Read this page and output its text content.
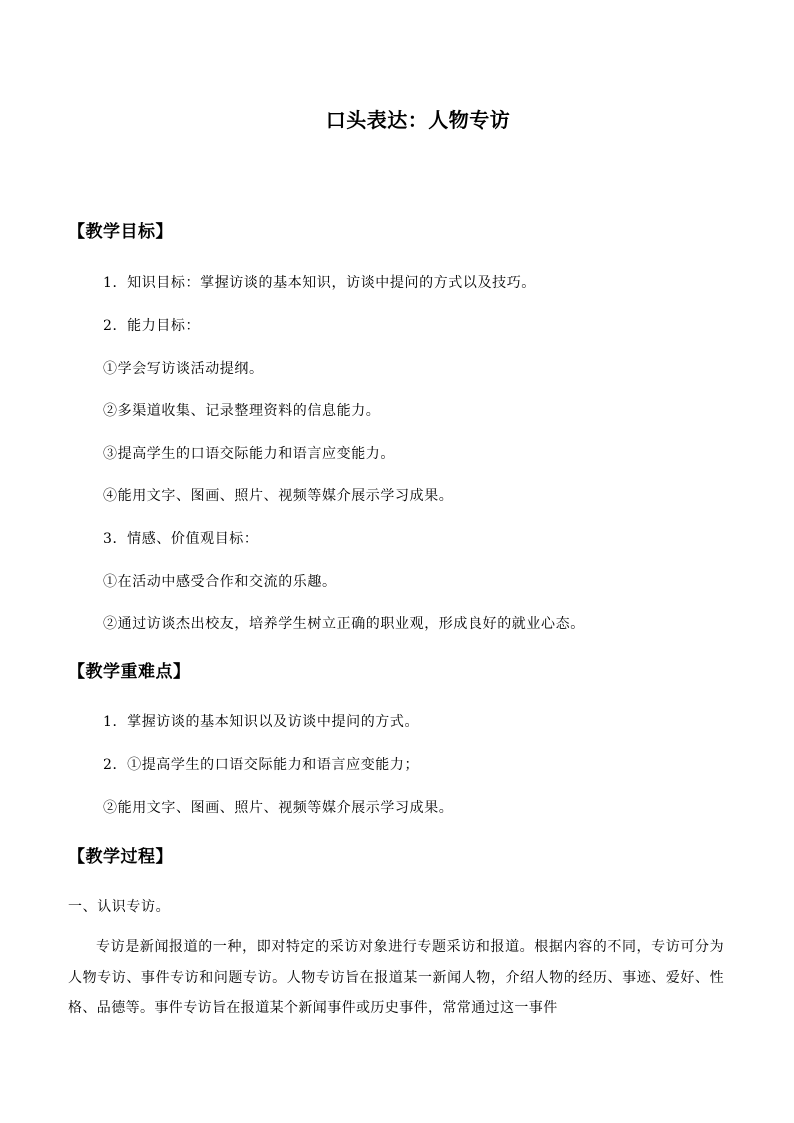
口头表达：人物专访
【教学目标】
1．知识目标：掌握访谈的基本知识，访谈中提问的方式以及技巧。
2．能力目标：
①学会写访谈活动提纲。
②多渠道收集、记录整理资料的信息能力。
③提高学生的口语交际能力和语言应变能力。
④能用文字、图画、照片、视频等媒介展示学习成果。
3．情感、价值观目标：
①在活动中感受合作和交流的乐趣。
②通过访谈杰出校友，培养学生树立正确的职业观，形成良好的就业心态。
【教学重难点】
1．掌握访谈的基本知识以及访谈中提问的方式。
2．①提高学生的口语交际能力和语言应变能力；
②能用文字、图画、照片、视频等媒介展示学习成果。
【教学过程】
一、认识专访。
专访是新闻报道的一种，即对特定的采访对象进行专题采访和报道。根据内容的不同，专访可分为人物专访、事件专访和问题专访。人物专访旨在报道某一新闻人物，介绍人物的经历、事迹、爱好、性格、品德等。事件专访旨在报道某个新闻事件或历史事件，常常通过这一事件
